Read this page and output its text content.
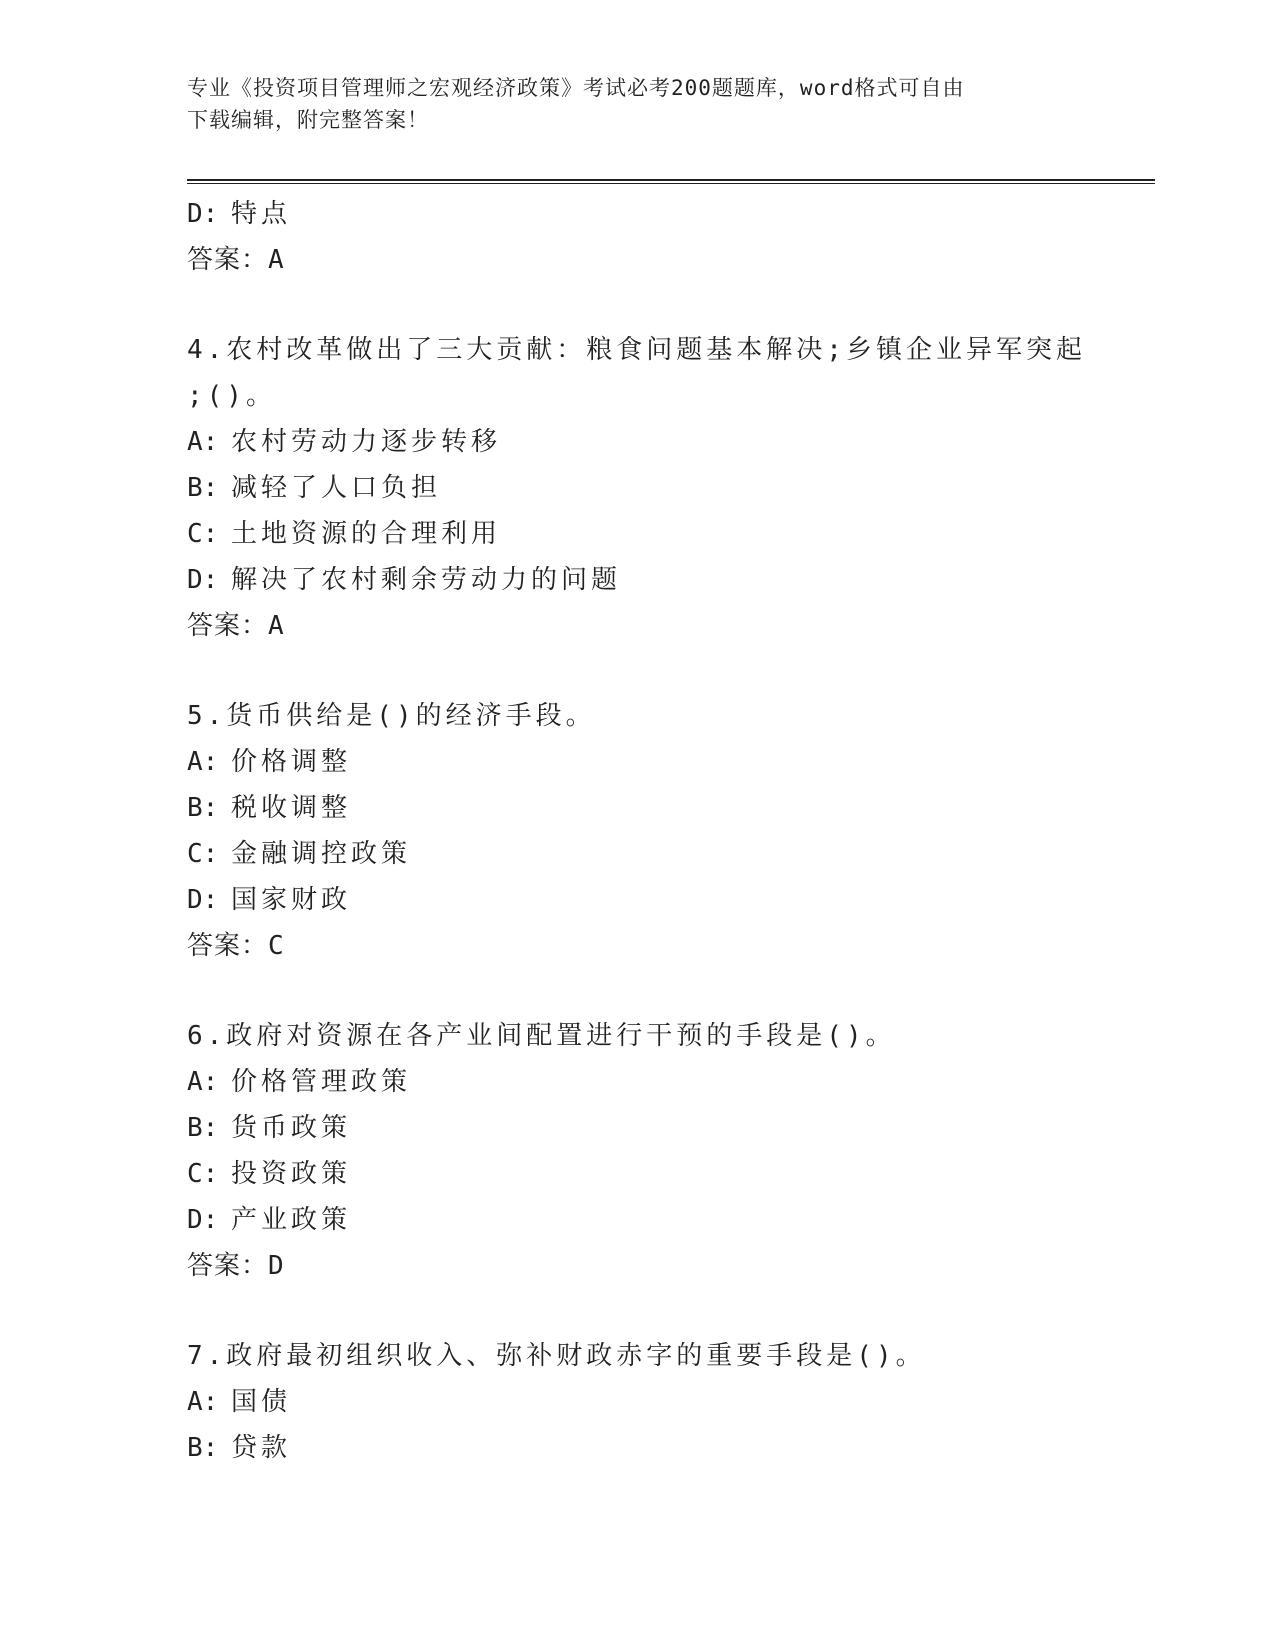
专业《投资项目管理师之宏观经济政策》考试必考200题题库，word格式可自由
下载编辑，附完整答案！
D: 特点
答案：A
4.农村改革做出了三大贡献：粮食问题基本解决;乡镇企业异军突起
;()。
A: 农村劳动力逐步转移
B: 减轻了人口负担
C: 土地资源的合理利用
D: 解决了农村剩余劳动力的问题
答案：A
5.货币供给是()的经济手段。
A: 价格调整
B: 税收调整
C: 金融调控政策
D: 国家财政
答案：C
6.政府对资源在各产业间配置进行干预的手段是()。
A: 价格管理政策
B: 货币政策
C: 投资政策
D: 产业政策
答案：D
7.政府最初组织收入、弥补财政赤字的重要手段是()。
A: 国债
B: 贷款
